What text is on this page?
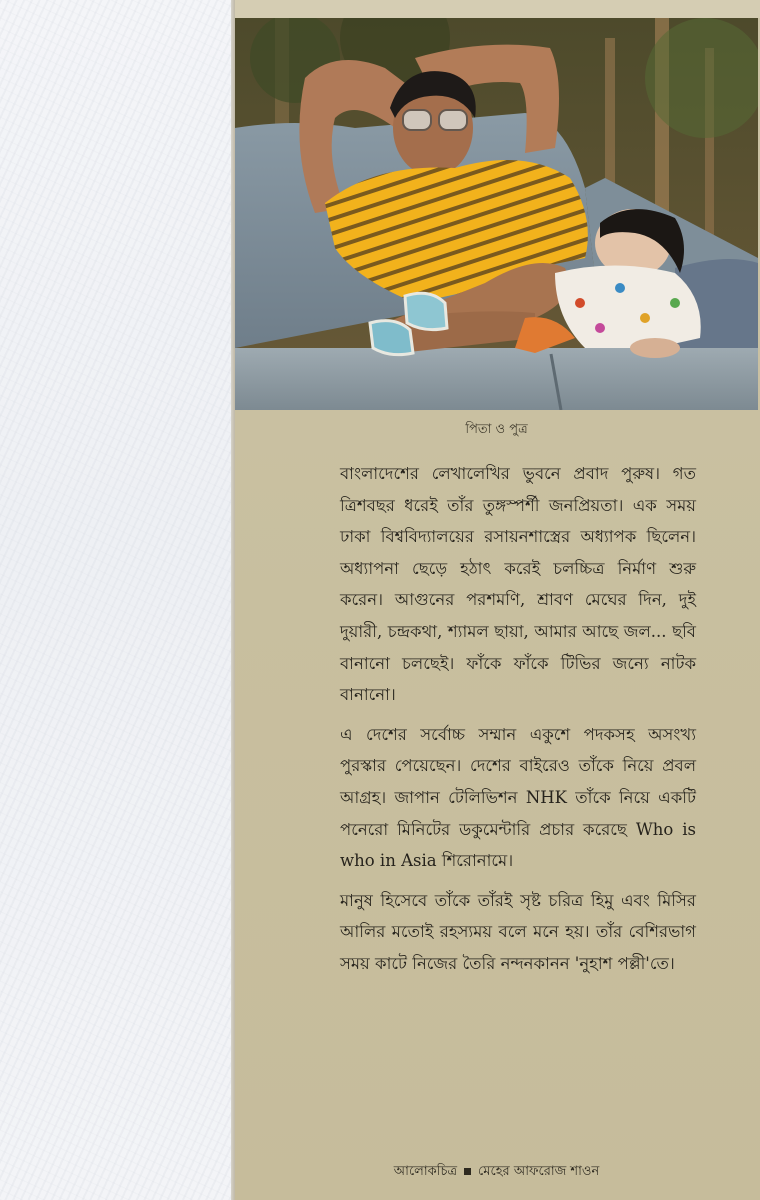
পিতা ও পুত্র

বাংলাদেশের লেখালেখির ভুবনে প্রবাদ পুরুষ। গত ত্রিশবছর ধরেই তাঁর তুঙ্গস্পর্শী জনপ্রিয়তা। এক সময় ঢাকা বিশ্ববিদ্যালয়ের রসায়নশাস্ত্রের অধ্যাপক ছিলেন। অধ্যাপনা ছেড়ে হঠাৎ করেই চলচ্চিত্র নির্মাণ শুরু করেন। আগুনের পরশমণি, শ্রাবণ মেঘের দিন, দুই দুয়ারী, চন্দ্রকথা, শ্যামল ছায়া, আমার আছে জল... ছবি বানানো চলছেই। ফাঁকে ফাঁকে টিভির জন্যে নাটক বানানো।

এ দেশের সর্বোচ্চ সম্মান একুশে পদকসহ অসংখ্য পুরস্কার পেয়েছেন। দেশের বাইরেও তাঁকে নিয়ে প্রবল আগ্রহ। জাপান টেলিভিশন NHK তাঁকে নিয়ে একটি পনেরো মিনিটের ডকুমেন্টারি প্রচার করেছে Who is who in Asia শিরোনামে।

মানুষ হিসেবে তাঁকে তাঁরই সৃষ্ট চরিত্র হিমু এবং মিসির আলির মতোই রহস্যময় বলে মনে হয়। তাঁর বেশিরভাগ সময় কাটে নিজের তৈরি নন্দনকানন 'নুহাশ পল্লী'তে।

আলোকচিত্র মেহের আফরোজ শাওন
